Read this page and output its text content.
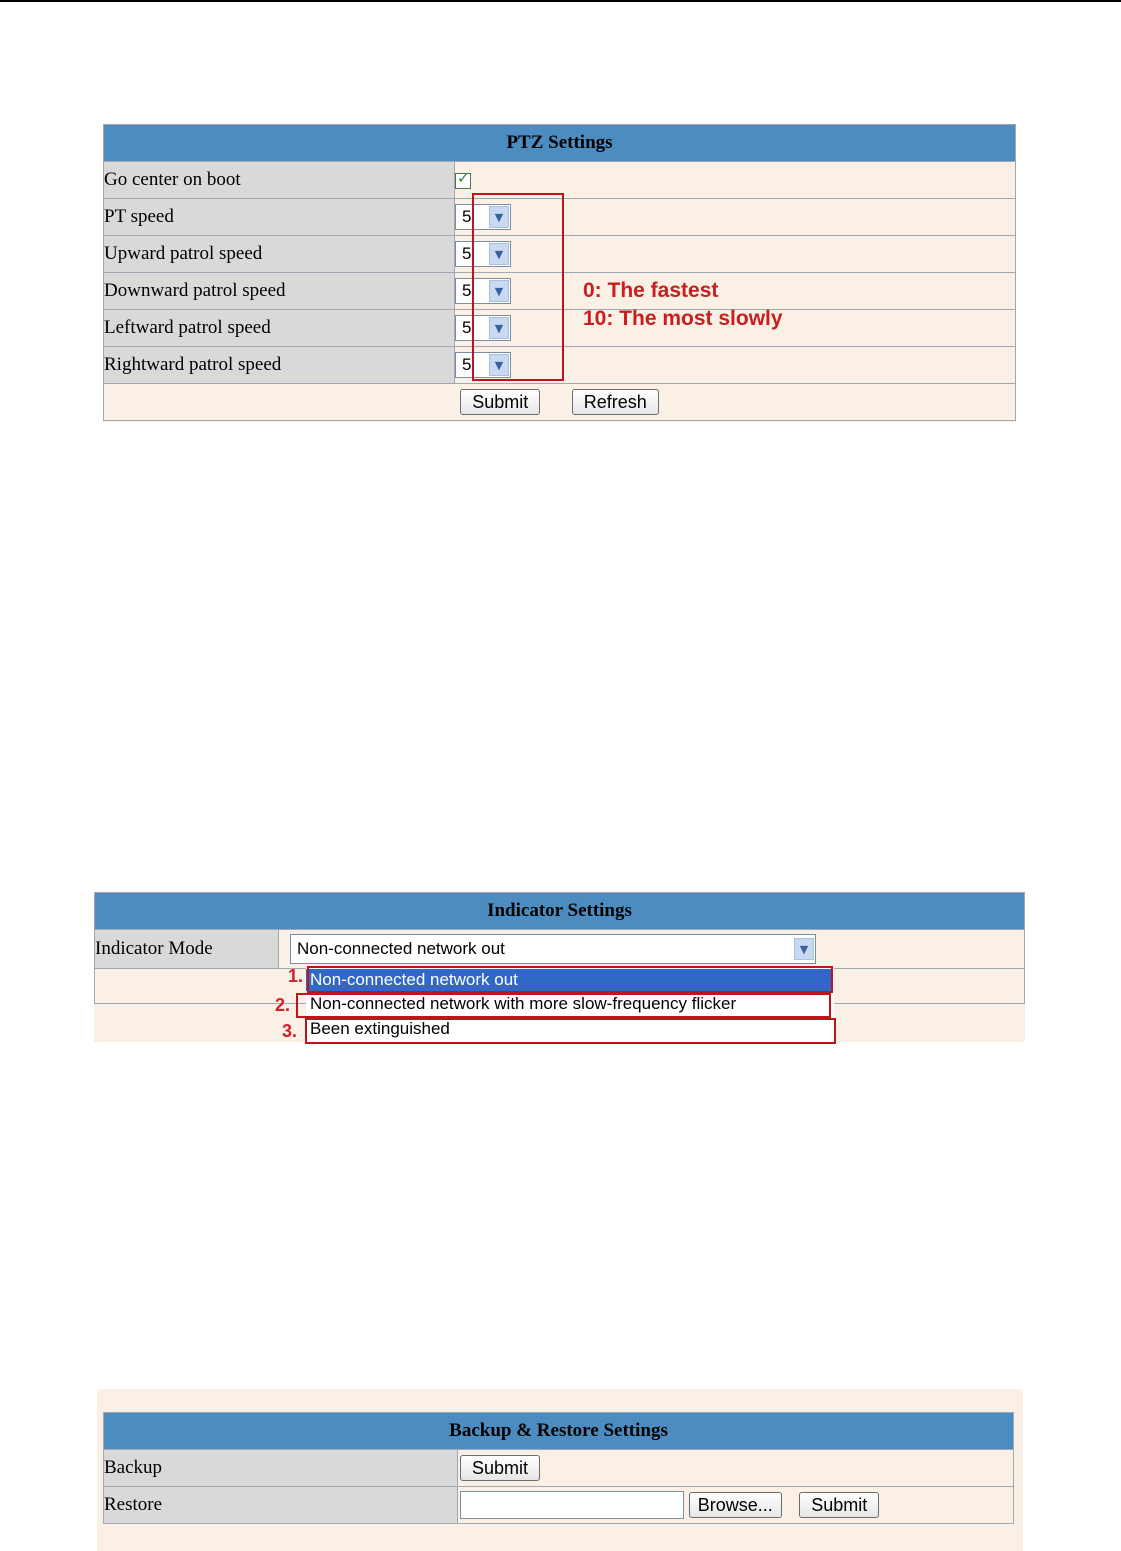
PTZ Settings	
Go center on boot	✓

PT speed	5 ▼

Upward patrol speed	5 ▼

Downward patrol speed	5 ▼

Leftward patrol speed	5 ▼

Rightward patrol speed	5 ▼

Submit Refresh	
0: The fastest
10: The most slowly
Indicator Settings
Indicator Mode	Non-connected network out	▼

Non-connected network out
Non-connected network with more slow-frequency flicker
Been extinguished
1.
2.
3.
Backup & Restore Settings	
Backup	Submit
Restore	Browse... Submit
